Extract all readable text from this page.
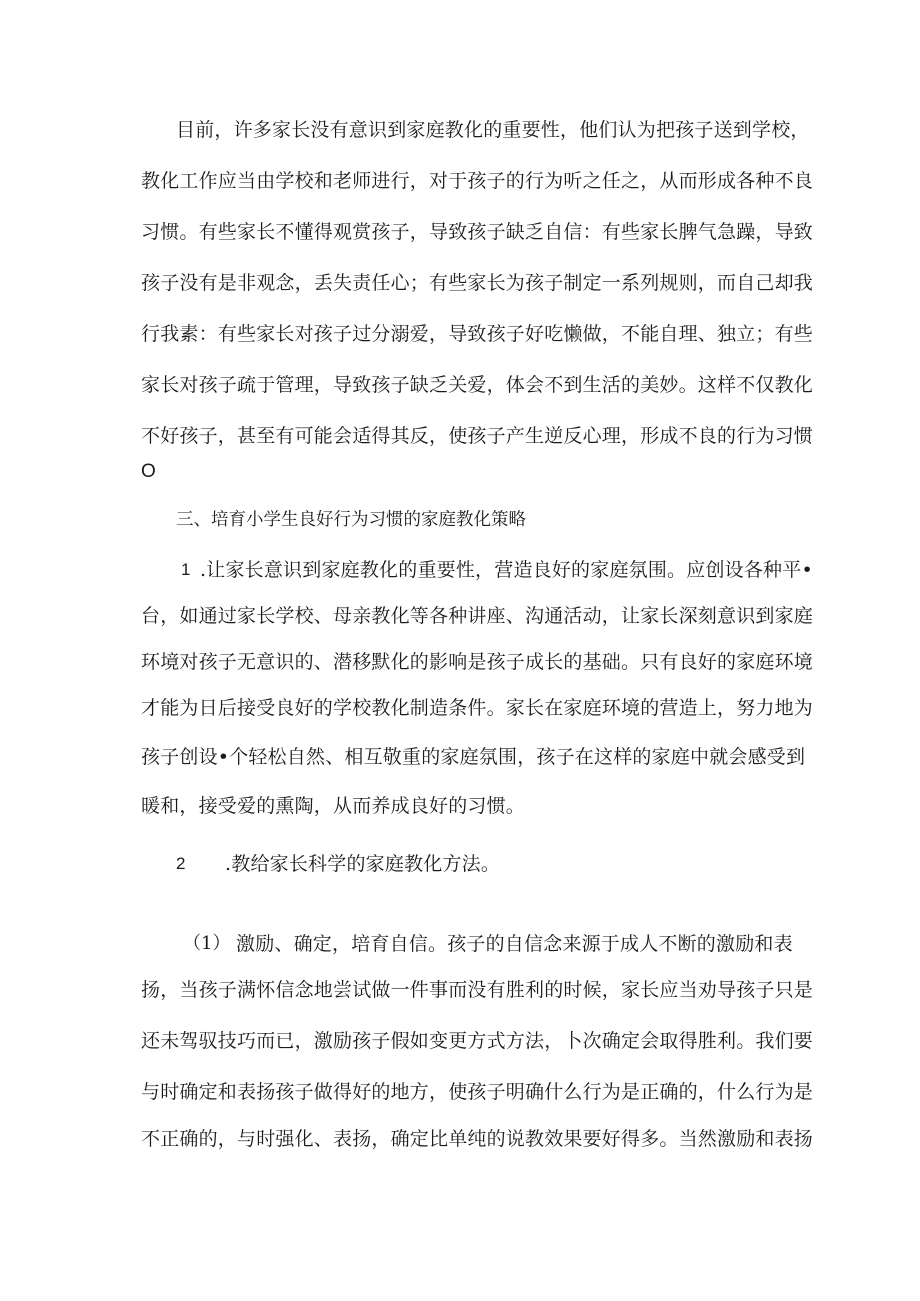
目前，许多家长没有意识到家庭教化的重要性，他们认为把孩子送到学校，
教化工作应当由学校和老师进行，对于孩子的行为听之任之，从而形成各种不良
习惯。有些家长不懂得观赏孩子，导致孩子缺乏自信：有些家长脾气急躁，导致
孩子没有是非观念，丢失责任心；有些家长为孩子制定一系列规则，而自己却我
行我素：有些家长对孩子过分溺爱，导致孩子好吃懒做，不能自理、独立；有些
家长对孩子疏于管理，导致孩子缺乏关爱，体会不到生活的美妙。这样不仅教化
不好孩子，甚至有可能会适得其反，使孩子产生逆反心理，形成不良的行为习惯
O
三、培育小学生良好行为习惯的家庭教化策略
1 .让家长意识到家庭教化的重要性，营造良好的家庭氛围。应创设各种平•
台，如通过家长学校、母亲教化等各种讲座、沟通活动，让家长深刻意识到家庭
环境对孩子无意识的、潜移默化的影响是孩子成长的基础。只有良好的家庭环境
才能为日后接受良好的学校教化制造条件。家长在家庭环境的营造上，努力地为
孩子创设•个轻松自然、相互敬重的家庭氛围，孩子在这样的家庭中就会感受到
暖和，接受爱的熏陶，从而养成良好的习惯。
2 .教给家长科学的家庭教化方法。
（1） 激励、确定，培育自信。孩子的自信念来源于成人不断的激励和表
扬，当孩子满怀信念地尝试做一件事而没有胜利的时候，家长应当劝导孩子只是
还未驾驭技巧而已，激励孩子假如变更方式方法，卜次确定会取得胜利。我们要
与时确定和表扬孩子做得好的地方，使孩子明确什么行为是正确的，什么行为是
不正确的，与时强化、表扬，确定比单纯的说教效果要好得多。当然激励和表扬
